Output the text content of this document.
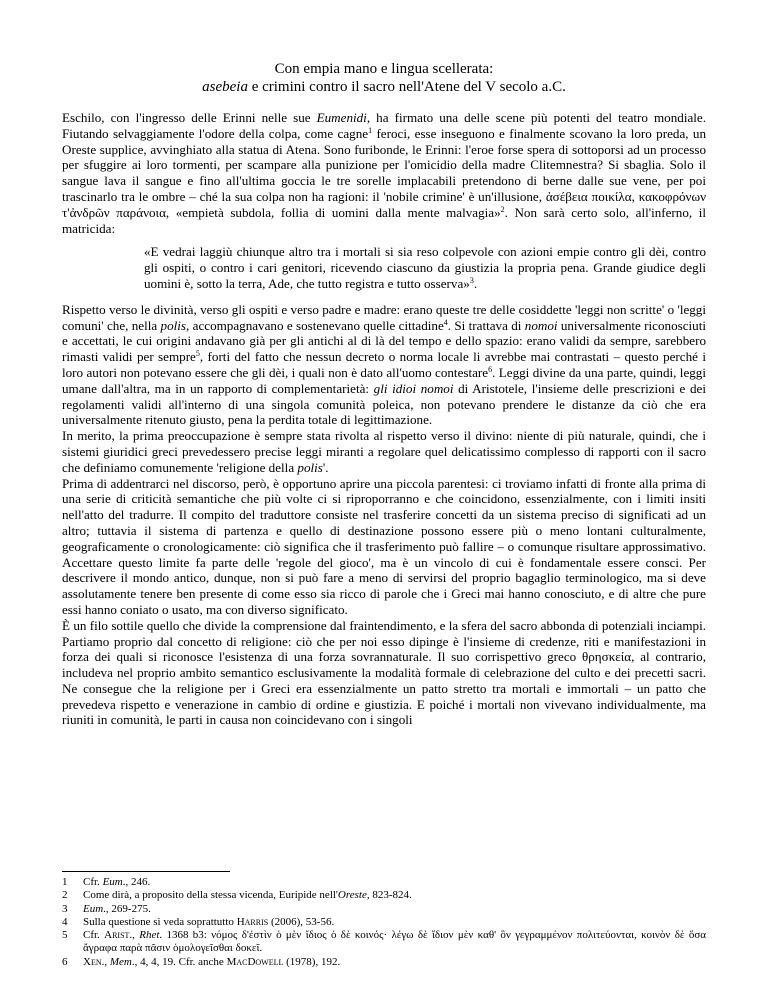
Con empia mano e lingua scellerata:
asebeia e crimini contro il sacro nell'Atene del V secolo a.C.

Eschilo, con l'ingresso delle Erinni nelle sue Eumenidi, ha firmato una delle scene più potenti del teatro mondiale. Fiutando selvaggiamente l'odore della colpa, come cagne$^1$ feroci, esse inseguono e finalmente scovano la loro preda, un Oreste supplice, avvinghiato alla statua di Atena. Sono furibonde, le Erinni: l'eroe forse spera di sottoporsi ad un processo per sfuggire ai loro tormenti, per scampare alla punizione per l'omicidio della madre Clitemnestra? Si sbaglia. Solo il sangue lava il sangue e fino all'ultima goccia le tre sorelle implacabili pretendono di berne dalle sue vene, per poi trascinarlo tra le ombre – ché la sua colpa non ha ragioni: il 'nobile crimine' è un'illusione, ἀσέβεια ποικίλα, κακοφρόνων τ'ἀνδρῶν παράνοια, «empietà subdola, follia di uomini dalla mente malvagia»$^2$. Non sarà certo solo, all'inferno, il matricida:

«E vedrai laggiù chiunque altro tra i mortali si sia reso colpevole con azioni empie contro gli dèi, contro gli ospiti, o contro i cari genitori, ricevendo ciascuno da giustizia la propria pena. Grande giudice degli uomini è, sotto la terra, Ade, che tutto registra e tutto osserva»$^3$.

Rispetto verso le divinità, verso gli ospiti e verso padre e madre: erano queste tre delle cosiddette 'leggi non scritte' o 'leggi comuni' che, nella polis, accompagnavano e sostenevano quelle cittadine$^4$. Si trattava di nomoi universalmente riconosciuti e accettati, le cui origini andavano già per gli antichi al di là del tempo e dello spazio: erano validi da sempre, sarebbero rimasti validi per sempre$^5$, forti del fatto che nessun decreto o norma locale li avrebbe mai contrastati – questo perché i loro autori non potevano essere che gli dèi, i quali non è dato all'uomo contestare$^6$. Leggi divine da una parte, quindi, leggi umane dall'altra, ma in un rapporto di complementarietà: gli idioi nomoi di Aristotele, l'insieme delle prescrizioni e dei regolamenti validi all'interno di una singola comunità poleica, non potevano prendere le distanze da ciò che era universalmente ritenuto giusto, pena la perdita totale di legittimazione.

In merito, la prima preoccupazione è sempre stata rivolta al rispetto verso il divino: niente di più naturale, quindi, che i sistemi giuridici greci prevedessero precise leggi miranti a regolare quel delicatissimo complesso di rapporti con il sacro che definiamo comunemente 'religione della polis'.

Prima di addentrarci nel discorso, però, è opportuno aprire una piccola parentesi: ci troviamo infatti di fronte alla prima di una serie di criticità semantiche che più volte ci si riproporranno e che coincidono, essenzialmente, con i limiti insiti nell'atto del tradurre. Il compito del traduttore consiste nel trasferire concetti da un sistema preciso di significati ad un altro; tuttavia il sistema di partenza e quello di destinazione possono essere più o meno lontani culturalmente, geograficamente o cronologicamente: ciò significa che il trasferimento può fallire – o comunque risultare approssimativo. Accettare questo limite fa parte delle 'regole del gioco', ma è un vincolo di cui è fondamentale essere consci. Per descrivere il mondo antico, dunque, non si può fare a meno di servirsi del proprio bagaglio terminologico, ma si deve assolutamente tenere ben presente di come esso sia ricco di parole che i Greci mai hanno conosciuto, e di altre che pure essi hanno coniato o usato, ma con diverso significato.

È un filo sottile quello che divide la comprensione dal fraintendimento, e la sfera del sacro abbonda di potenziali inciampi. Partiamo proprio dal concetto di religione: ciò che per noi esso dipinge è l'insieme di credenze, riti e manifestazioni in forza dei quali si riconosce l'esistenza di una forza sovrannaturale. Il suo corrispettivo greco θρησκεία, al contrario, includeva nel proprio ambito semantico esclusivamente la modalità formale di celebrazione del culto e dei precetti sacri. Ne consegue che la religione per i Greci era essenzialmente un patto stretto tra mortali e immortali – un patto che prevedeva rispetto e venerazione in cambio di ordine e giustizia. E poiché i mortali non vivevano individualmente, ma riuniti in comunità, le parti in causa non coincidevano con i singoli

1	Cfr. Eum., 246.
2	Come dirà, a proposito della stessa vicenda, Euripide nell'Oreste, 823-824.
3	Eum., 269-275.
4	Sulla questione si veda soprattutto Harris (2006), 53-56.
5	Cfr. Arist., Rhet. 1368 b3: νόμος δ'ἐστὶν ὁ μὲν ἴδιος ὁ δὲ κοινός· λέγω δὲ ἴδιον μὲν καθ' ὃν γεγραμμένον πολιτεύονται, κοινὸν δὲ ὅσα ἄγραφα παρὰ πᾶσιν ὁμολογεῖσθαι δοκεῖ.
6	Xen., Mem., 4, 4, 19. Cfr. anche MacDowell (1978), 192.
